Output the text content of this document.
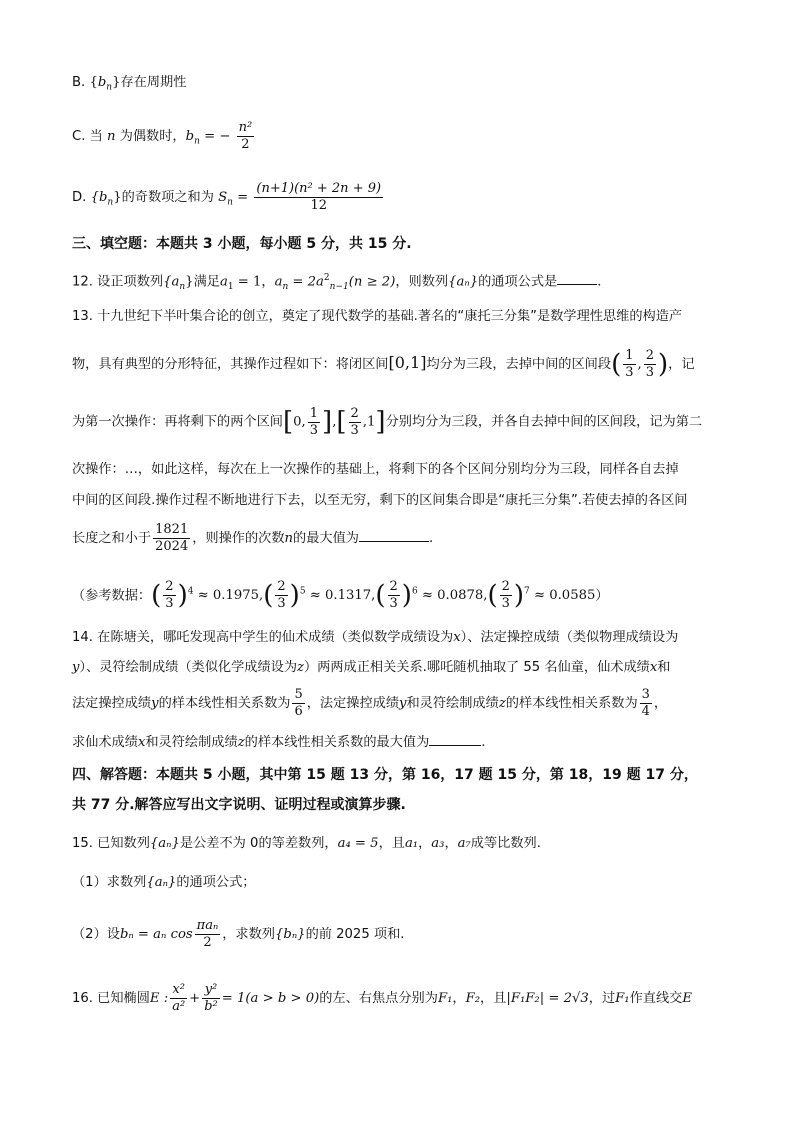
B. $\{b_n\}$存在周期性
C. 当 n 为偶数时，$b_n$ = − $\frac{\text{n²}}{2}$
D. $\{b_n\}$的奇数项之和为 $S_n = \frac{\text{(n+1)(n² + 2n + 9)}}{12}$
三、填空题：本题共 3 小题，每小题 5 分，共 15 分.
12. 设正项数列$\{a_n\}$满足$a_1 = 1$，$a_n = 2a^2_{n-1}(n \ge 2)$，则数列{aₙ}的通项公式是	.
13. 十九世纪下半叶集合论的创立，奠定了现代数学的基础.著名的“康托三分集”是数学理性思维的构造产
物，具有典型的分形特征，其操作过程如下：将闭区间[0,1]均分为三段，去掉中间的区间段( $\frac{1}{3}$ , $\frac{2}{3}$ )，记
为第一次操作：再将剩下的两个区间[0, $\frac{1}{3}$ ],[ $\frac{2}{3} ,1$]分别均分为三段，并各自去掉中间的区间段，记为第二
次操作：…，如此这样，每次在上一次操作的基础上，将剩下的各个区间分别均分为三段，同样各自去掉
中间的区间段.操作过程不断地进行下去，以至无穷，剩下的区间集合即是“康托三分集”.若使去掉的各区间
长度之和小于 $\frac{1821}{2024}$ ，则操作的次数n的最大值为	.
（参考数据：( $\frac{2}{3} )^4 \approx 0.1975,( \frac{2}{3} )^5 \approx 0.1317,( \frac{2}{3} )^6 \approx 0.0878,( \frac{2}{3} )^7 \approx 0.0585$）
14. 在陈塘关，哪吒发现高中学生的仙术成绩（类似数学成绩设为x）、法定操控成绩（类似物理成绩设为
y）、灵符绘制成绩（类似化学成绩设为z）两两成正相关关系.哪吒随机抽取了 55 名仙童，仙术成绩x和
法定操控成绩y的样本线性相关系数为 $\frac{5}{6}$ ，法定操控成绩y和灵符绘制成绩z的样本线性相关系数为 $\frac{3}{4}$ ，
求仙术成绩x和灵符绘制成绩z的样本线性相关系数的最大值为	.
四、解答题：本题共 5 小题，其中第 15 题 13 分，第 16，17 题 15 分，第 18，19 题 17 分，
共 77 分.解答应写出文字说明、证明过程或演算步骤.
15. 已知数列{aₙ}是公差不为 0的等差数列，a₄ = 5，且a₁，a₃，a₇成等比数列.
（1）求数列{aₙ}的通项公式；
（2）设bₙ = aₙ $\cos \frac{\text{πaₙ}}{2}$ ，求数列{bₙ}的前 2025 项和.
16. 已知椭圆E : $\frac{\text{x²}}{\text{a²}} + \frac{\text{y²}}{\text{b²}} = 1(a > b > 0)$的左、右焦点分别为F₁，F₂，且|F₁F₂| = 2√3，过F₁作直线交E
